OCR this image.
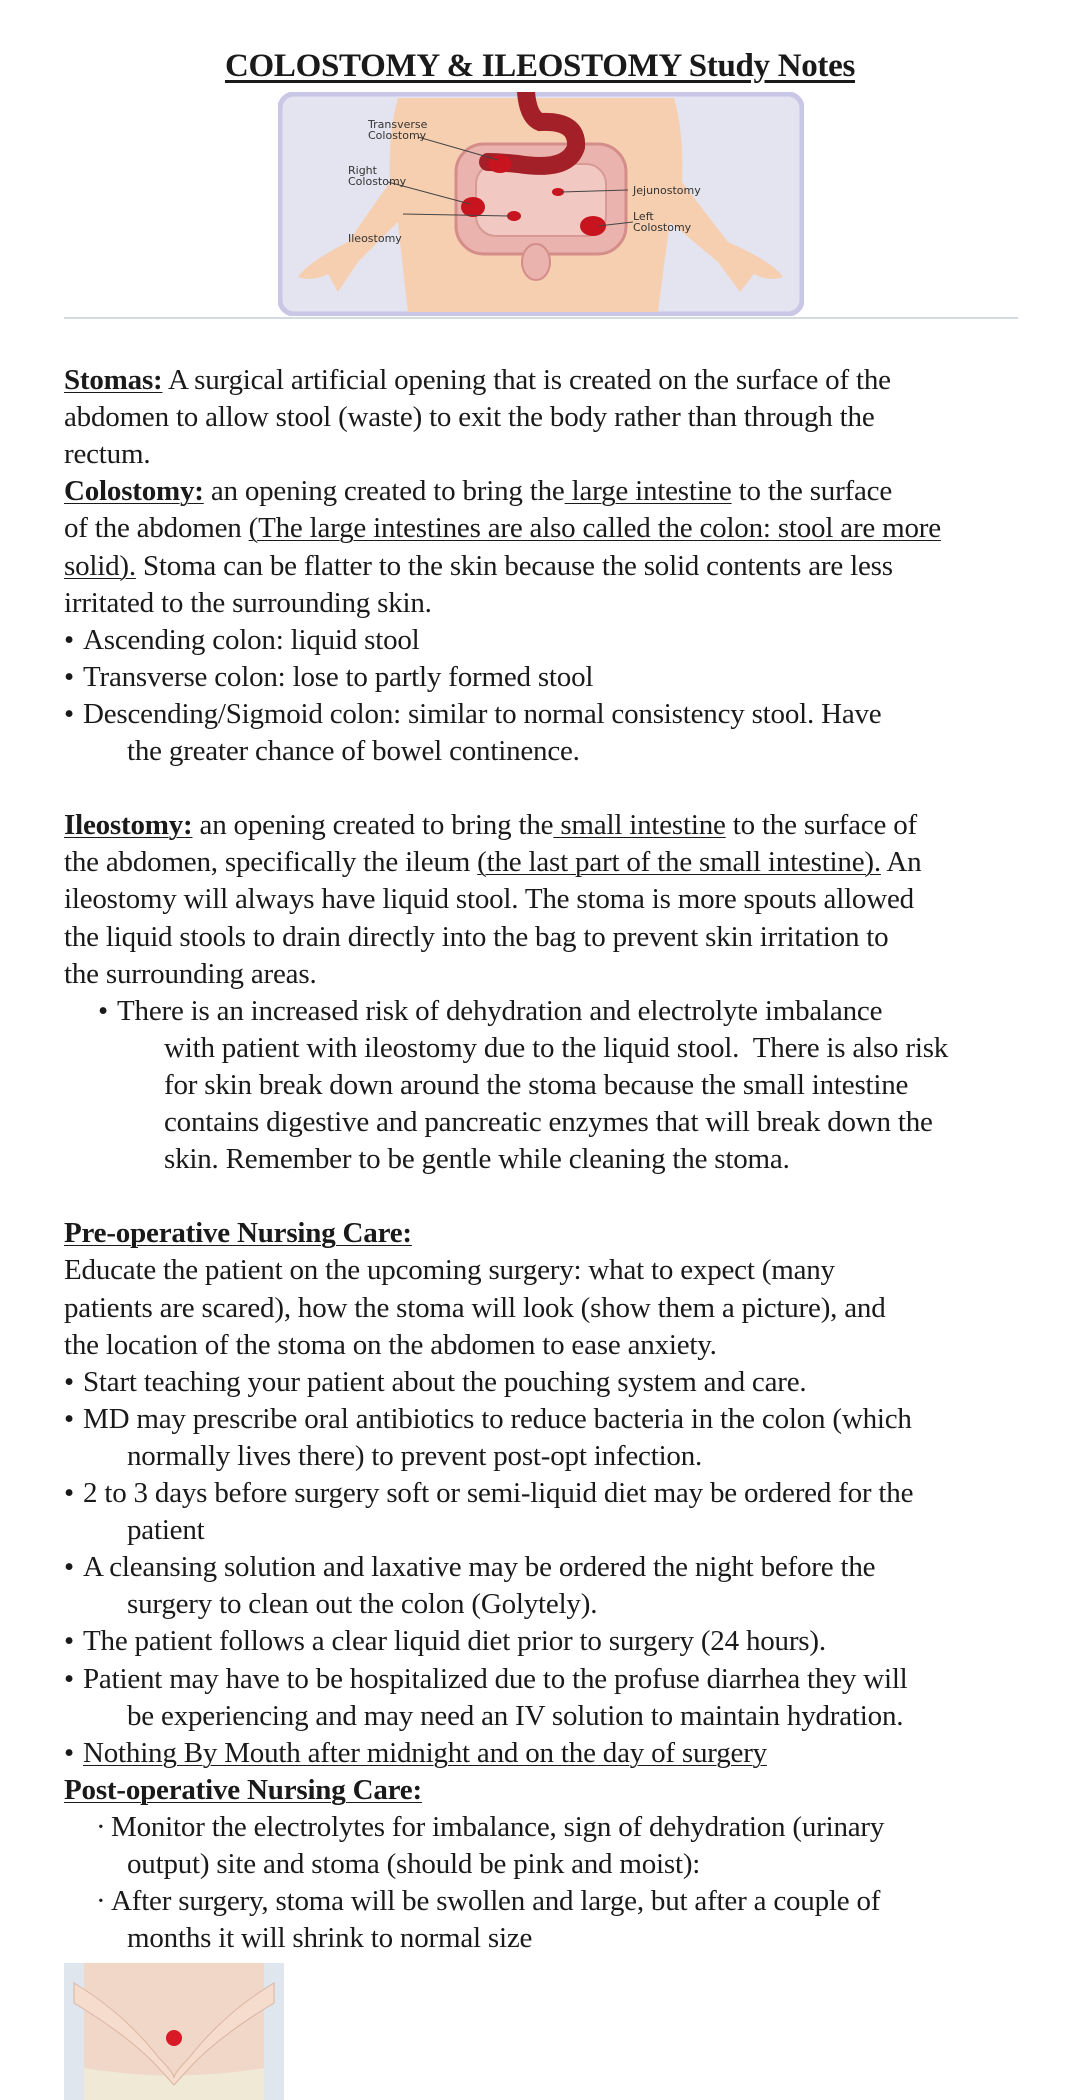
COLOSTOMY & ILEOSTOMY Study Notes
Transverse Colostomy
Right Colostomy
Ileostomy
Jejunostomy
Left Colostomy
Stomas: A surgical artificial opening that is created on the surface of the
abdomen to allow stool (waste) to exit the body rather than through the
rectum.
Colostomy: an opening created to bring the large intestine to the surface
of the abdomen (The large intestines are also called the colon: stool are more
solid). Stoma can be flatter to the skin because the solid contents are less
irritated to the surrounding skin.
• Ascending colon: liquid stool
• Transverse colon: lose to partly formed stool
• Descending/Sigmoid colon: similar to normal consistency stool. Have
the greater chance of bowel continence.
Ileostomy: an opening created to bring the small intestine to the surface of
the abdomen, specifically the ileum (the last part of the small intestine). An
ileostomy will always have liquid stool. The stoma is more spouts allowed
the liquid stools to drain directly into the bag to prevent skin irritation to
the surrounding areas.
• There is an increased risk of dehydration and electrolyte imbalance
with patient with ileostomy due to the liquid stool.  There is also risk
for skin break down around the stoma because the small intestine
contains digestive and pancreatic enzymes that will break down the
skin. Remember to be gentle while cleaning the stoma.
Pre-operative Nursing Care:
Educate the patient on the upcoming surgery: what to expect (many
patients are scared), how the stoma will look (show them a picture), and
the location of the stoma on the abdomen to ease anxiety.
• Start teaching your patient about the pouching system and care.
• MD may prescribe oral antibiotics to reduce bacteria in the colon (which
normally lives there) to prevent post-opt infection.
• 2 to 3 days before surgery soft or semi-liquid diet may be ordered for the
patient
• A cleansing solution and laxative may be ordered the night before the
surgery to clean out the colon (Golytely).
• The patient follows a clear liquid diet prior to surgery (24 hours).
• Patient may have to be hospitalized due to the profuse diarrhea they will
be experiencing and may need an IV solution to maintain hydration.
• Nothing By Mouth after midnight and on the day of surgery
Post-operative Nursing Care:
· Monitor the electrolytes for imbalance, sign of dehydration (urinary
output) site and stoma (should be pink and moist):
· After surgery, stoma will be swollen and large, but after a couple of
months it will shrink to normal size
